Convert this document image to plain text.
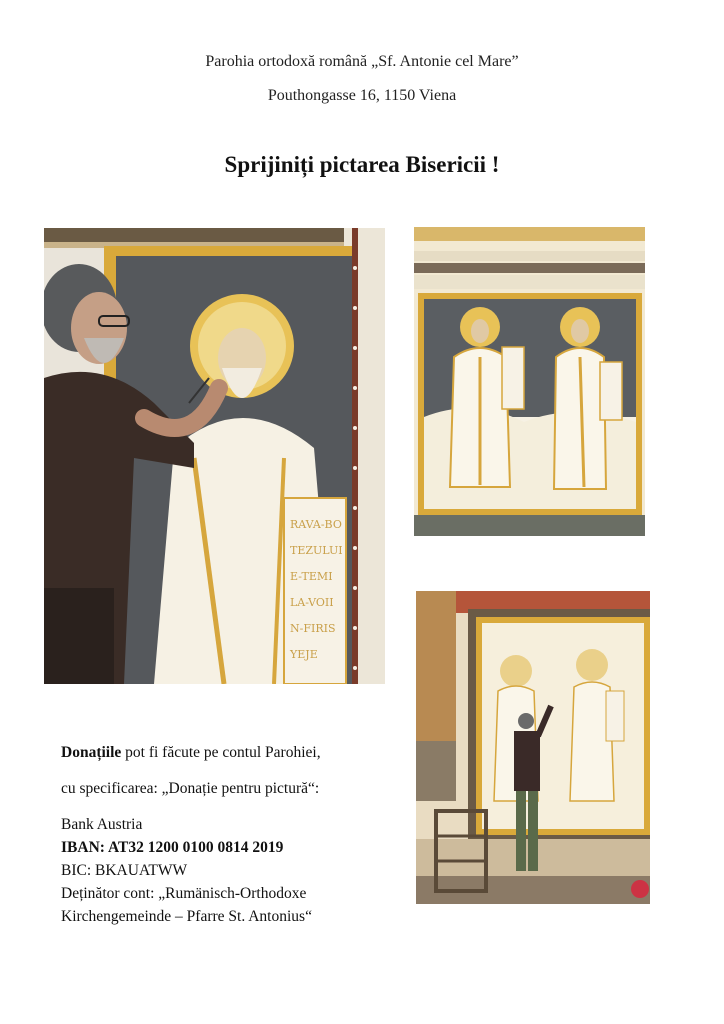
Parohia ortodoxă română „Sf. Antonie cel Mare”
Pouthongasse 16, 1150 Viena
Sprijiniți pictarea Bisericii !
RAVA-BO
TEZULUI
E-TEMI
LA-VOII
N-FIRIS
YEJE
Donațiile pot fi făcute pe contul Parohiei,
cu specificarea: „Donație pentru pictură“:
Bank Austria
IBAN: AT32 1200 0100 0814 2019
BIC: BKAUATWW
Deținător cont: „Rumänisch-Orthodoxe
Kirchengemeinde – Pfarre St. Antonius“
